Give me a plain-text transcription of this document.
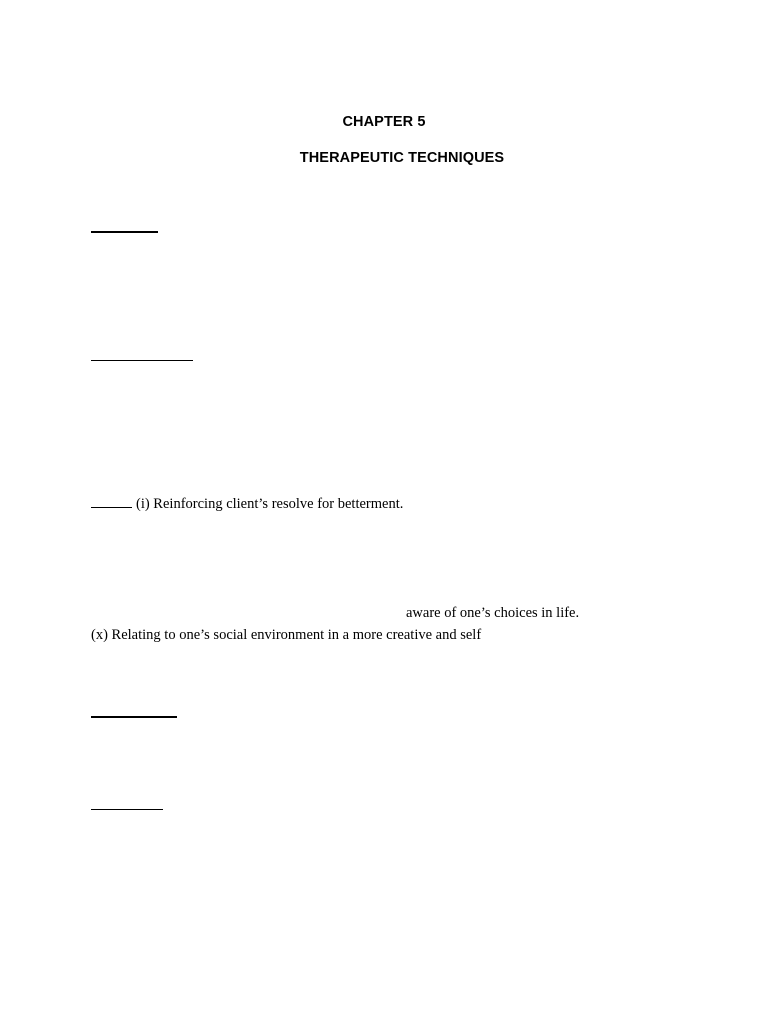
CHAPTER 5
THERAPEUTIC TECHNIQUES
(i) Reinforcing client’s resolve for betterment.
aware of one’s choices in life.
(x) Relating to one’s social environment in a more creative and self
